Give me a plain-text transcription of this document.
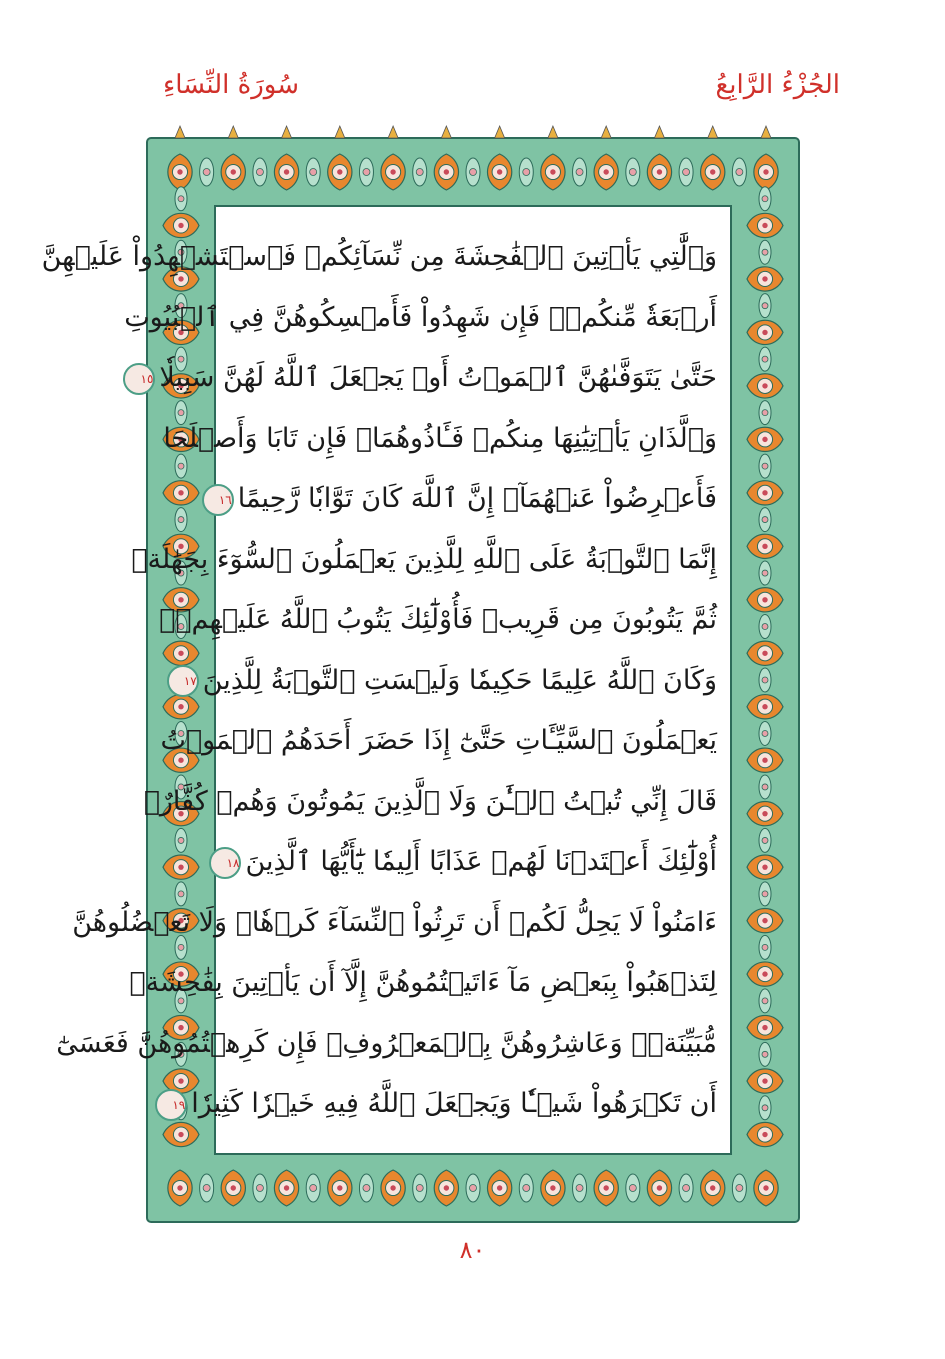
سُورَةُ النِّسَاءِ	الجُزْءُ الرَّابِعُ
وَٱلَّٰتِي يَأۡتِينَ ٱلۡفَٰحِشَةَ مِن نِّسَآئِكُمۡ فَٱسۡتَشۡهِدُواْ عَلَيۡهِنَّ
أَرۡبَعَةٗ مِّنكُمۡۖ فَإِن شَهِدُواْ فَأَمۡسِكُوهُنَّ فِي ٱلۡبُيُوتِ
حَتَّىٰ يَتَوَفَّىٰهُنَّ ٱلۡمَوۡتُ أَوۡ يَجۡعَلَ ٱللَّهُ لَهُنَّ سَبِيلٗا١٥
وَٱلَّذَانِ يَأۡتِيَٰنِهَا مِنكُمۡ فَـَٔاذُوهُمَاۖ فَإِن تَابَا وَأَصۡلَحَا
فَأَعۡرِضُواْ عَنۡهُمَآۗ إِنَّ ٱللَّهَ كَانَ تَوَّابٗا رَّحِيمًا١٦
إِنَّمَا ٱلتَّوۡبَةُ عَلَى ٱللَّهِ لِلَّذِينَ يَعۡمَلُونَ ٱلسُّوٓءَ بِجَهَٰلَةٖ
ثُمَّ يَتُوبُونَ مِن قَرِيبٖ فَأُوْلَٰٓئِكَ يَتُوبُ ٱللَّهُ عَلَيۡهِمۡۗ
وَكَانَ ٱللَّهُ عَلِيمًا حَكِيمٗا وَلَيۡسَتِ ٱلتَّوۡبَةُ لِلَّذِينَ١٧
يَعۡمَلُونَ ٱلسَّيِّـَٔاتِ حَتَّىٰٓ إِذَا حَضَرَ أَحَدَهُمُ ٱلۡمَوۡتُ
قَالَ إِنِّي تُبۡتُ ٱلۡـَٰٔنَ وَلَا ٱلَّذِينَ يَمُوتُونَ وَهُمۡ كُفَّارٌۚ
أُوْلَٰٓئِكَ أَعۡتَدۡنَا لَهُمۡ عَذَابًا أَلِيمٗا يَٰٓأَيُّهَا ٱلَّذِينَ١٨
ءَامَنُواْ لَا يَحِلُّ لَكُمۡ أَن تَرِثُواْ ٱلنِّسَآءَ كَرۡهٗاۖ وَلَا تَعۡضُلُوهُنَّ
لِتَذۡهَبُواْ بِبَعۡضِ مَآ ءَاتَيۡتُمُوهُنَّ إِلَّآ أَن يَأۡتِينَ بِفَٰحِشَةٖ
مُّبَيِّنَةٖۚ وَعَاشِرُوهُنَّ بِٱلۡمَعۡرُوفِۚ فَإِن كَرِهۡتُمُوهُنَّ فَعَسَىٰٓ
أَن تَكۡرَهُواْ شَيۡـٔٗا وَيَجۡعَلَ ٱللَّهُ فِيهِ خَيۡرٗا كَثِيرٗا١٩
٨٠
